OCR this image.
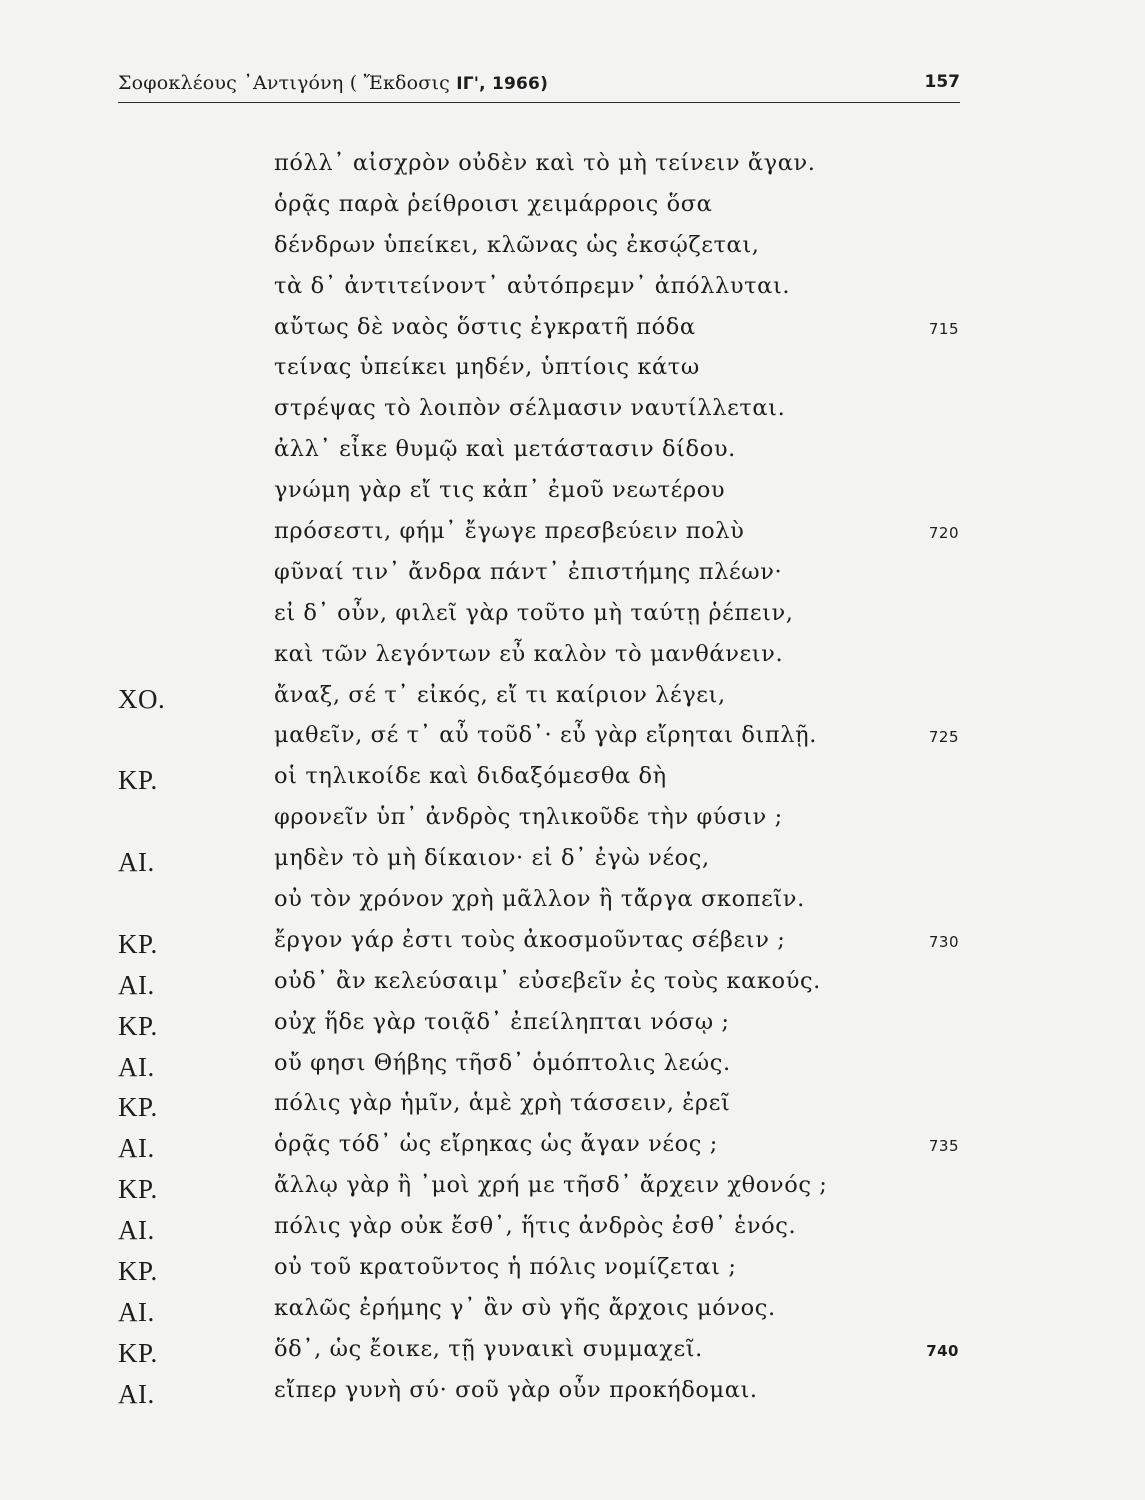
Σοφοκλέους ᾿Αντιγόνη ( Ἔκδοσις ΙΓ', 1966)	157
πόλλ᾿ αἰσχρὸν οὐδὲν καὶ τὸ μὴ τείνειν ἄγαν.
ὁρᾷς παρὰ ῥείθροισι χειμάρροις ὅσα
δένδρων ὑπείκει, κλῶνας ὡς ἐκσῴζεται,
τὰ δ᾿ ἀντιτείνοντ᾿ αὐτόπρεμν᾿ ἀπόλλυται.
αὔτως δὲ ναὸς ὅστις ἐγκρατῆ πόδα	715
τείνας ὑπείκει μηδέν, ὑπτίοις κάτω
στρέψας τὸ λοιπὸν σέλμασιν ναυτίλλεται.
ἀλλ᾿ εἶκε θυμῷ καὶ μετάστασιν δίδου.
γνώμη γὰρ εἴ τις κἀπ᾿ ἐμοῦ νεωτέρου
πρόσεστι, φήμ᾿ ἔγωγε πρεσβεύειν πολὺ	720
φῦναί τιν᾿ ἄνδρα πάντ᾿ ἐπιστήμης πλέων·
εἰ δ᾿ οὖν, φιλεῖ γὰρ τοῦτο μὴ ταύτῃ ῥέπειν,
καὶ τῶν λεγόντων εὖ καλὸν τὸ μανθάνειν.
ΧΟ.	ἄναξ, σέ τ᾿ εἰκός, εἴ τι καίριον λέγει,
μαθεῖν, σέ τ᾿ αὖ τοῦδ᾿· εὖ γὰρ εἴρηται διπλῇ.	725
ΚΡ.	οἱ τηλικοίδε καὶ διδαξόμεσθα δὴ
φρονεῖν ὑπ᾿ ἀνδρὸς τηλικοῦδε τὴν φύσιν ;
ΑΙ.	μηδὲν τὸ μὴ δίκαιον· εἰ δ᾿ ἐγὼ νέος,
οὐ τὸν χρόνον χρὴ μᾶλλον ἢ τἄργα σκοπεῖν.
ΚΡ.	ἔργον γάρ ἐστι τοὺς ἀκοσμοῦντας σέβειν ;	730
ΑΙ.	οὐδ᾿ ἂν κελεύσαιμ᾿ εὐσεβεῖν ἐς τοὺς κακούς.
ΚΡ.	οὐχ ἥδε γὰρ τοιᾷδ᾿ ἐπείληπται νόσῳ ;
ΑΙ.	οὔ φησι Θήβης τῆσδ᾿ ὁμόπτολις λεώς.
ΚΡ.	πόλις γὰρ ἡμῖν, ἁμὲ χρὴ τάσσειν, ἐρεῖ
ΑΙ.	ὁρᾷς τόδ᾿ ὡς εἴρηκας ὡς ἄγαν νέος ;	735
ΚΡ.	ἄλλῳ γὰρ ἢ ᾿μοὶ χρή με τῆσδ᾿ ἄρχειν χθονός ;
ΑΙ.	πόλις γὰρ οὐκ ἔσθ᾿, ἥτις ἀνδρὸς ἐσθ᾿ ἑνός.
ΚΡ.	οὐ τοῦ κρατοῦντος ἡ πόλις νομίζεται ;
ΑΙ.	καλῶς ἐρήμης γ᾿ ἂν σὺ γῆς ἄρχοις μόνος.
ΚΡ.	ὅδ᾿, ὡς ἔοικε, τῇ γυναικὶ συμμαχεῖ.	740
ΑΙ.	εἴπερ γυνὴ σύ· σοῦ γὰρ οὖν προκήδομαι.
